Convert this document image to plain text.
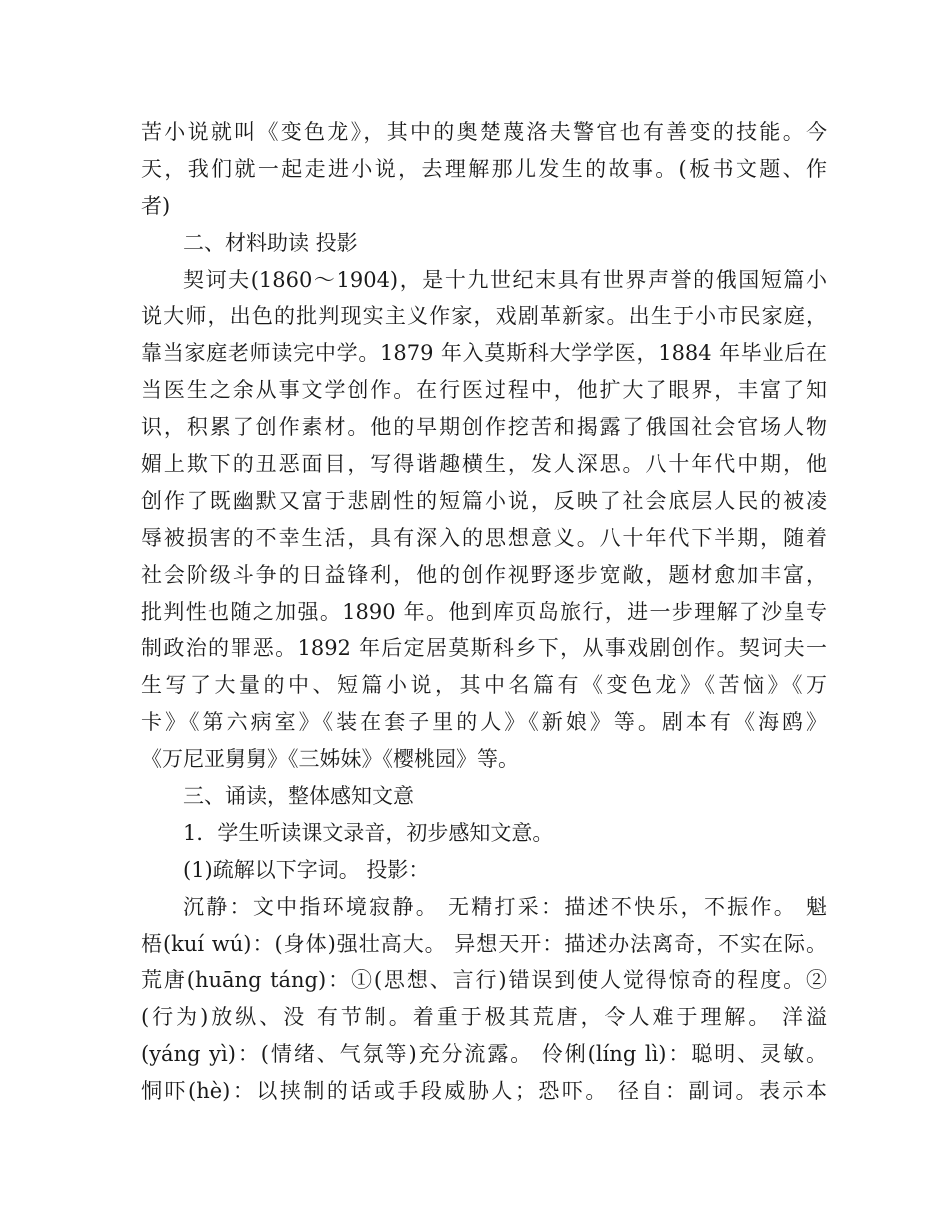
苦小说就叫《变色龙》，其中的奥楚蔑洛夫警官也有善变的技能。今
天，我们就一起走进小说，去理解那儿发生的故事。(板书文题、作
者)
二、材料助读 投影
契诃夫(1860～1904)，是十九世纪末具有世界声誉的俄国短篇小
说大师，出色的批判现实主义作家，戏剧革新家。出生于小市民家庭，
靠当家庭老师读完中学。1879 年入莫斯科大学学医，1884 年毕业后在
当医生之余从事文学创作。在行医过程中，他扩大了眼界，丰富了知
识，积累了创作素材。他的早期创作挖苦和揭露了俄国社会官场人物
媚上欺下的丑恶面目，写得谐趣横生，发人深思。八十年代中期，他
创作了既幽默又富于悲剧性的短篇小说，反映了社会底层人民的被凌
辱被损害的不幸生活，具有深入的思想意义。八十年代下半期，随着
社会阶级斗争的日益锋利，他的创作视野逐步宽敞，题材愈加丰富，
批判性也随之加强。1890 年。他到库页岛旅行，进一步理解了沙皇专
制政治的罪恶。1892 年后定居莫斯科乡下，从事戏剧创作。契诃夫一
生写了大量的中、短篇小说，其中名篇有《变色龙》《苦恼》《万
卡》《第六病室》《装在套子里的人》《新娘》等。剧本有《海鸥》
《万尼亚舅舅》《三姊妹》《樱桃园》等。
三、诵读，整体感知文意
1．学生听读课文录音，初步感知文意。
(1)疏解以下字词。 投影：
沉静：文中指环境寂静。 无精打采：描述不快乐，不振作。 魁
梧(kuí wú)：(身体)强壮高大。 异想天开：描述办法离奇，不实在际。
荒唐(huāng táng)：①(思想、言行)错误到使人觉得惊奇的程度。②
(行为)放纵、没 有节制。着重于极其荒唐，令人难于理解。 洋溢
(yáng yì)：(情绪、气氛等)充分流露。 伶俐(líng lì)：聪明、灵敏。
恫吓(hè)：以挟制的话或手段威胁人；恐吓。 径自：副词。表示本
